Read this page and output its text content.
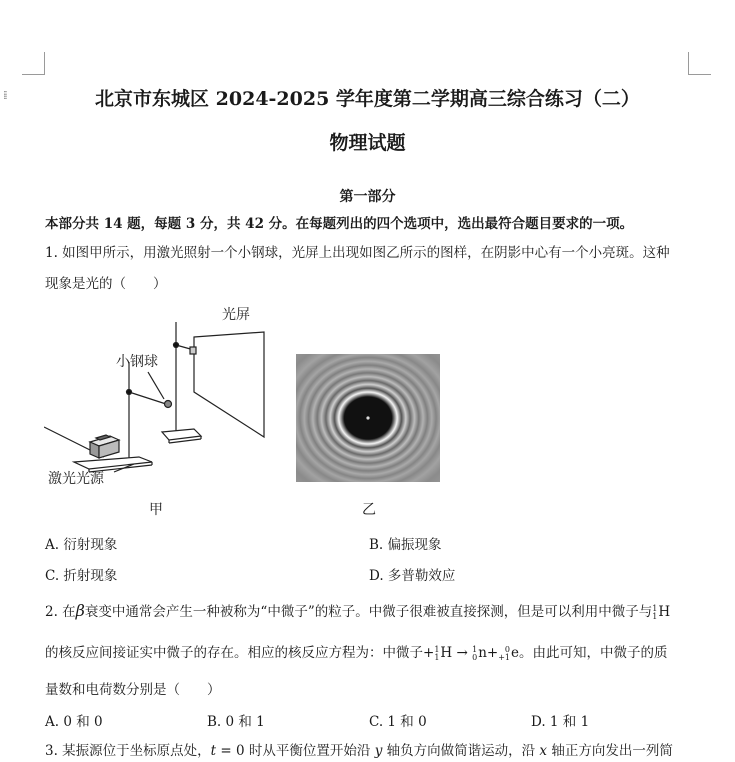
⁞⁞	北京市东城区 2024-2025 学年度第二学期高三综合练习（二）
物理试题
第一部分
本部分共 14 题，每题 3 分，共 42 分。在每题列出的四个选项中，选出最符合题目要求的一项。
1. 如图甲所示，用激光照射一个小钢球，光屏上出现如图乙所示的图样，在阴影中心有一个小亮斑。这种
现象是光的（　　）
光屏
小钢球
激光光源
甲	乙
A. 衍射现象	B. 偏振现象
C. 折射现象	D. 多普勒效应
2. 在β衰变中通常会产生一种被称为“中微子”的粒子。中微子很难被直接探测，但是可以利用中微子与1
1H
的核反应间接证实中微子的存在。相应的核反应方程为：中微子+1
1H → 1
0n+ 0
+1e。由此可知，中微子的质
量数和电荷数分别是（　　）
A. 0 和 0	B. 0 和 1	C. 1 和 0	D. 1 和 1
3. 某振源位于坐标原点处，t = 0 时从平衡位置开始沿 y 轴负方向做简谐运动，沿 x 轴正方向发出一列简
